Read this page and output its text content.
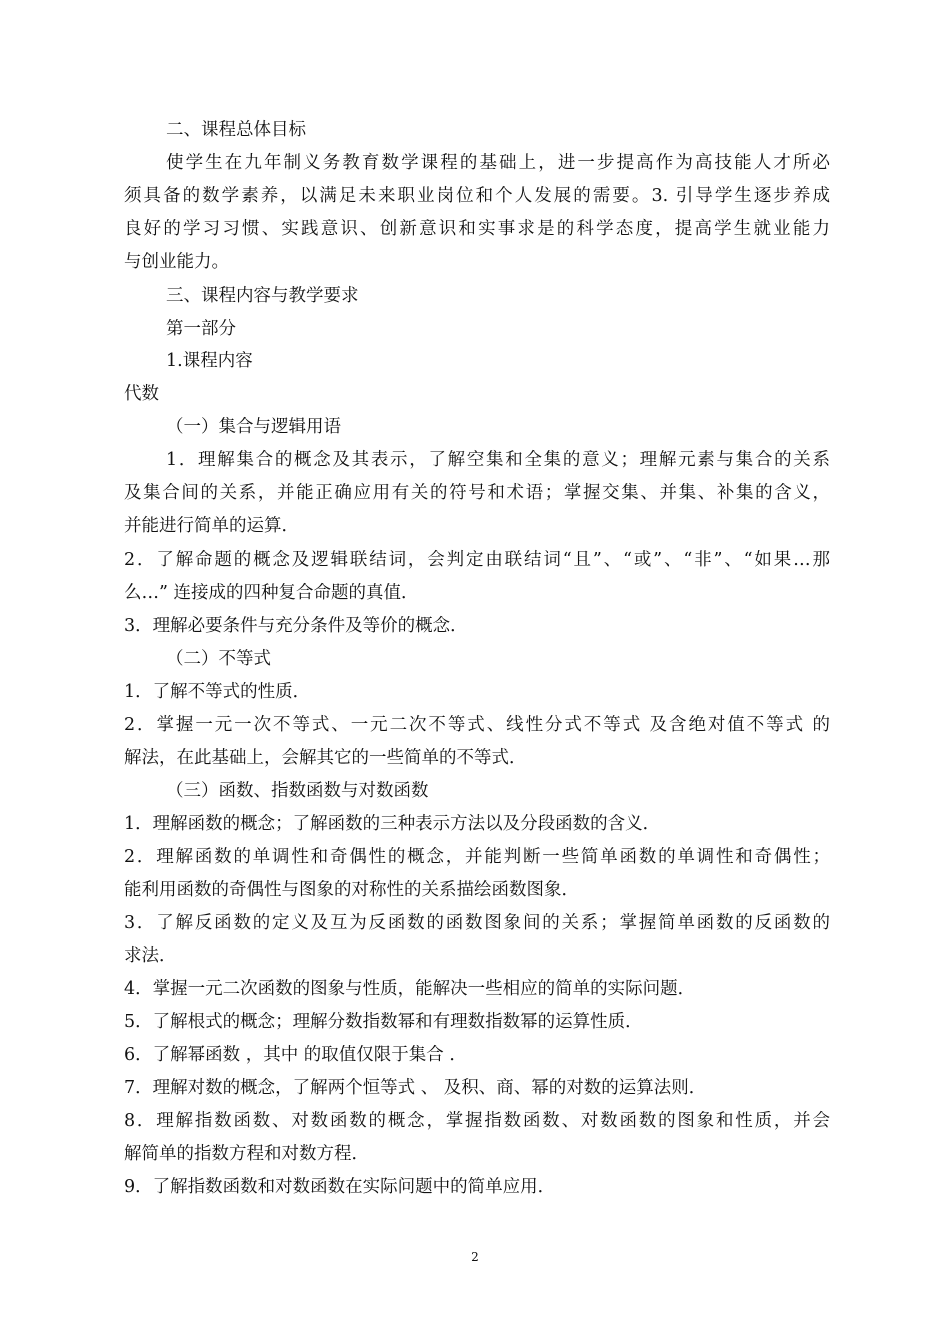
二、课程总体目标
使学生在九年制义务教育数学课程的基础上，进一步提高作为高技能人才所必
须具备的数学素养，以满足未来职业岗位和个人发展的需要。3. 引导学生逐步养成
良好的学习习惯、实践意识、创新意识和实事求是的科学态度，提高学生就业能力
与创业能力。
三、课程内容与教学要求
第一部分
1.课程内容
代数
（一）集合与逻辑用语
1．理解集合的概念及其表示，了解空集和全集的意义；理解元素与集合的关系
及集合间的关系，并能正确应用有关的符号和术语；掌握交集、并集、补集的含义，
并能进行简单的运算．
2．了解命题的概念及逻辑联结词，会判定由联结词“且”、“或”、“非”、“如果…那
么…” 连接成的四种复合命题的真值．
3．理解必要条件与充分条件及等价的概念．
（二）不等式
1．了解不等式的性质．
2．掌握一元一次不等式、一元二次不等式、线性分式不等式 及含绝对值不等式 的
解法，在此基础上，会解其它的一些简单的不等式．
（三）函数、指数函数与对数函数
1．理解函数的概念；了解函数的三种表示方法以及分段函数的含义．
2．理解函数的单调性和奇偶性的概念，并能判断一些简单函数的单调性和奇偶性；
能利用函数的奇偶性与图象的对称性的关系描绘函数图象．
3．了解反函数的定义及互为反函数的函数图象间的关系；掌握简单函数的反函数的
求法．
4．掌握一元二次函数的图象与性质，能解决一些相应的简单的实际问题．
5．了解根式的概念；理解分数指数幂和有理数指数幂的运算性质．
6．了解幂函数 ，其中 的取值仅限于集合 ．
7．理解对数的概念，了解两个恒等式 、 及积、商、幂的对数的运算法则．
8．理解指数函数、对数函数的概念，掌握指数函数、对数函数的图象和性质，并会
解简单的指数方程和对数方程．
9．了解指数函数和对数函数在实际问题中的简单应用．
2
